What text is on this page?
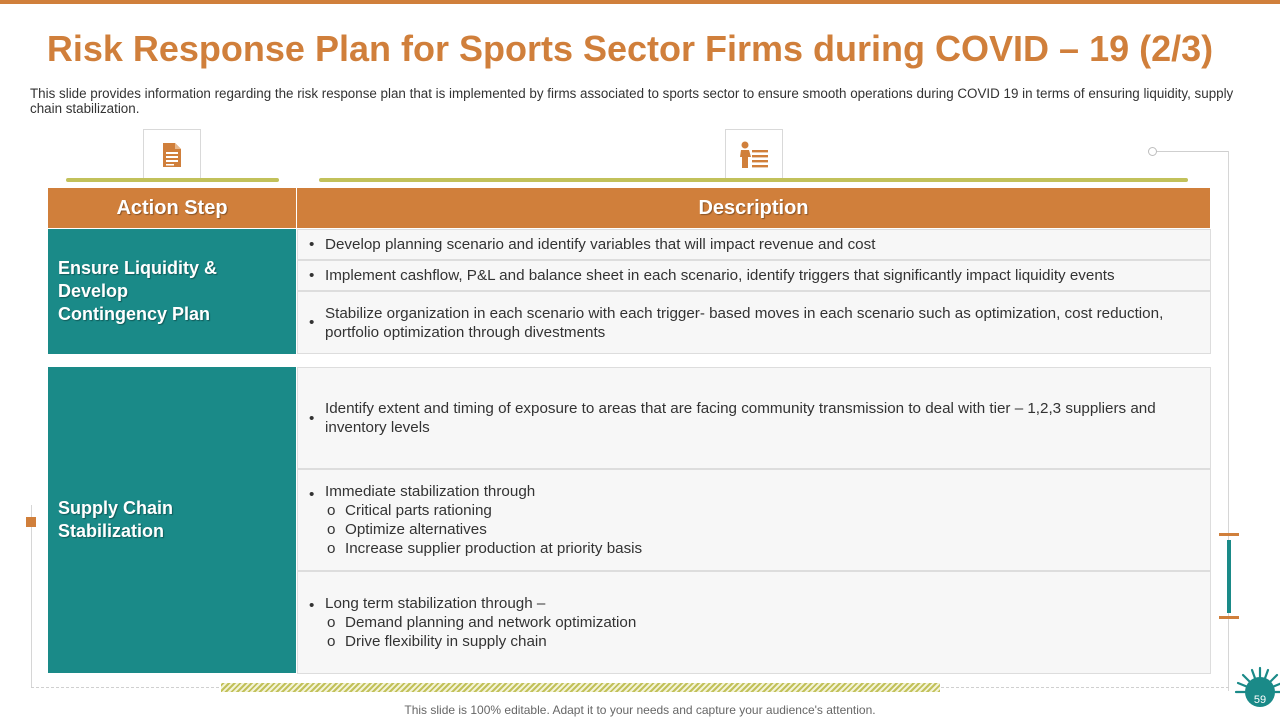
Risk Response Plan for Sports Sector Firms during COVID – 19 (2/3)

This slide provides information regarding the risk response plan that is implemented by firms associated to sports sector to ensure smooth operations during COVID 19 in terms of ensuring liquidity, supply chain stabilization.

Action Step	Description
Ensure Liquidity & Develop Contingency Plan
• Develop planning scenario and identify variables that will impact revenue and cost
• Implement cashflow, P&L and balance sheet in each scenario, identify triggers that significantly impact liquidity events
•
Stabilize organization in each scenario with each trigger- based moves in each scenario such as optimization, cost reduction, portfolio optimization through divestments
Supply Chain Stabilization
•
Identify extent and timing of exposure to areas that are facing community transmission to deal with tier – 1,2,3 suppliers and inventory levels
• Immediate stabilization through
o Critical parts rationing
o Optimize alternatives
o Increase supplier production at priority basis
• Long term stabilization through –
o Demand planning and network optimization
o Drive flexibility in supply chain

This slide is 100% editable. Adapt it to your needs and capture your audience's attention.

59
